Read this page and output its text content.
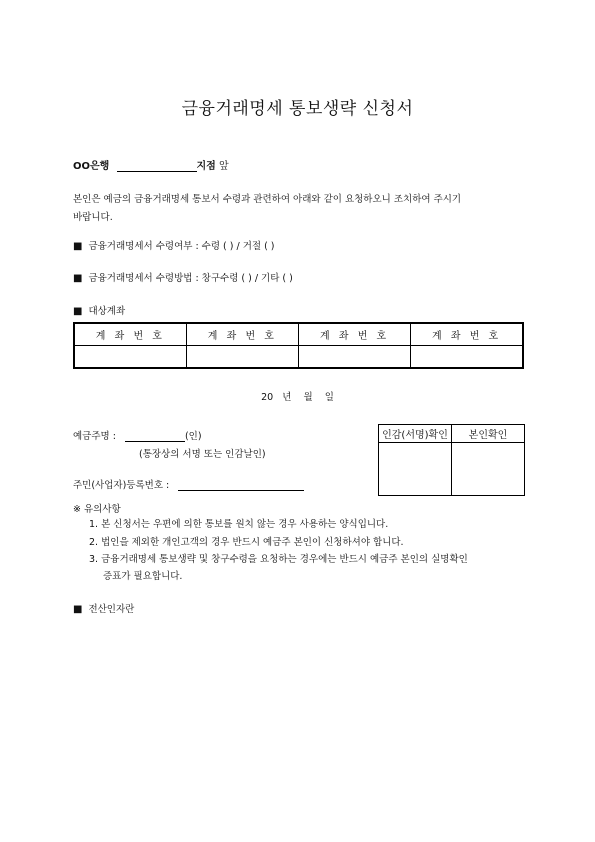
금융거래명세 통보생략 신청서
OO은행	지점 앞
본인은 예금의 금융거래명세 통보서 수령과 관련하여 아래와 같이 요청하오니 조치하여 주시기
바랍니다.
■ 금융거래명세서 수령여부 : 수령 ( ) / 거절 ( )
■ 금융거래명세서 수령방법 : 창구수령 ( ) / 기타 ( )
■ 대상계좌
계 좌 번 호	계 좌 번 호	계 좌 번 호	계 좌 번 호

20   년    월    일
예금주명 :	(인)
(통장상의 서명 또는 인감날인)
주민(사업자)등록번호 :
인감(서명)확인	본인확인

※ 유의사항
1. 본 신청서는 우편에 의한 통보를 원치 않는 경우 사용하는 양식입니다.
2. 법인을 제외한 개인고객의 경우 반드시 예금주 본인이 신청하셔야 합니다.
3. 금융거래명세 통보생략 및 창구수령을 요청하는 경우에는 반드시 예금주 본인의 실명확인
증표가 필요합니다.
■ 전산인자란
